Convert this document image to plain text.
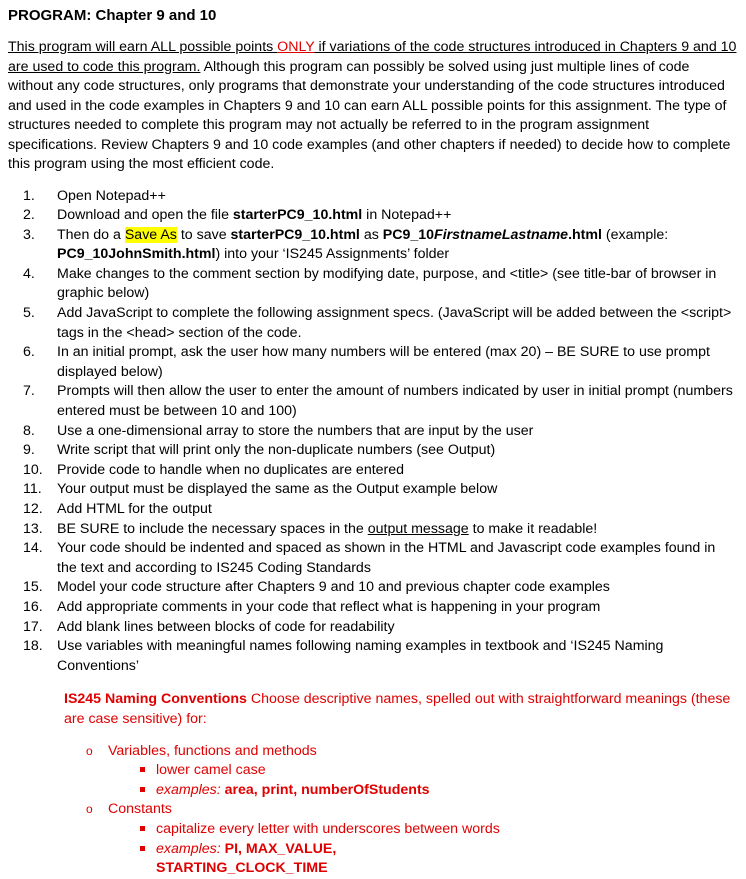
PROGRAM: Chapter 9 and 10
This program will earn ALL possible points ONLY if variations of the code structures introduced in Chapters 9 and 10 are used to code this program. Although this program can possibly be solved using just multiple lines of code without any code structures, only programs that demonstrate your understanding of the code structures introduced and used in the code examples in Chapters 9 and 10 can earn ALL possible points for this assignment. The type of structures needed to complete this program may not actually be referred to in the program assignment specifications. Review Chapters 9 and 10 code examples (and other chapters if needed) to decide how to complete this program using the most efficient code.
1.	Open Notepad++
2.	Download and open the file starterPC9_10.html in Notepad++
3.	Then do a Save As to save starterPC9_10.html as PC9_10FirstnameLastname.html (example: PC9_10JohnSmith.html) into your ‘IS245 Assignments’ folder
4.	Make changes to the comment section by modifying date, purpose, and <title> (see title-bar of browser in graphic below)
5.	Add JavaScript to complete the following assignment specs. (JavaScript will be added between the <script> tags in the <head> section of the code.
6.	In an initial prompt, ask the user how many numbers will be entered (max 20) – BE SURE to use prompt displayed below)
7.	Prompts will then allow the user to enter the amount of numbers indicated by user in initial prompt (numbers entered must be between 10 and 100)
8.	Use a one-dimensional array to store the numbers that are input by the user
9.	Write script that will print only the non-duplicate numbers (see Output)
10.	Provide code to handle when no duplicates are entered
11.	Your output must be displayed the same as the Output example below
12.	Add HTML for the output
13.	BE SURE to include the necessary spaces in the output message to make it readable!
14.	Your code should be indented and spaced as shown in the HTML and Javascript code examples found in the text and according to IS245 Coding Standards
15.	Model your code structure after Chapters 9 and 10 and previous chapter code examples
16.	Add appropriate comments in your code that reflect what is happening in your program
17.	Add blank lines between blocks of code for readability
18.	Use variables with meaningful names following naming examples in textbook and ‘IS245 Naming Conventions’
IS245 Naming Conventions Choose descriptive names, spelled out with straightforward meanings (these are case sensitive) for:
o Variables, functions and methods
lower camel case
examples: area, print, numberOfStudents
o Constants
capitalize every letter with underscores between words
examples: PI, MAX_VALUE, STARTING_CLOCK_TIME
